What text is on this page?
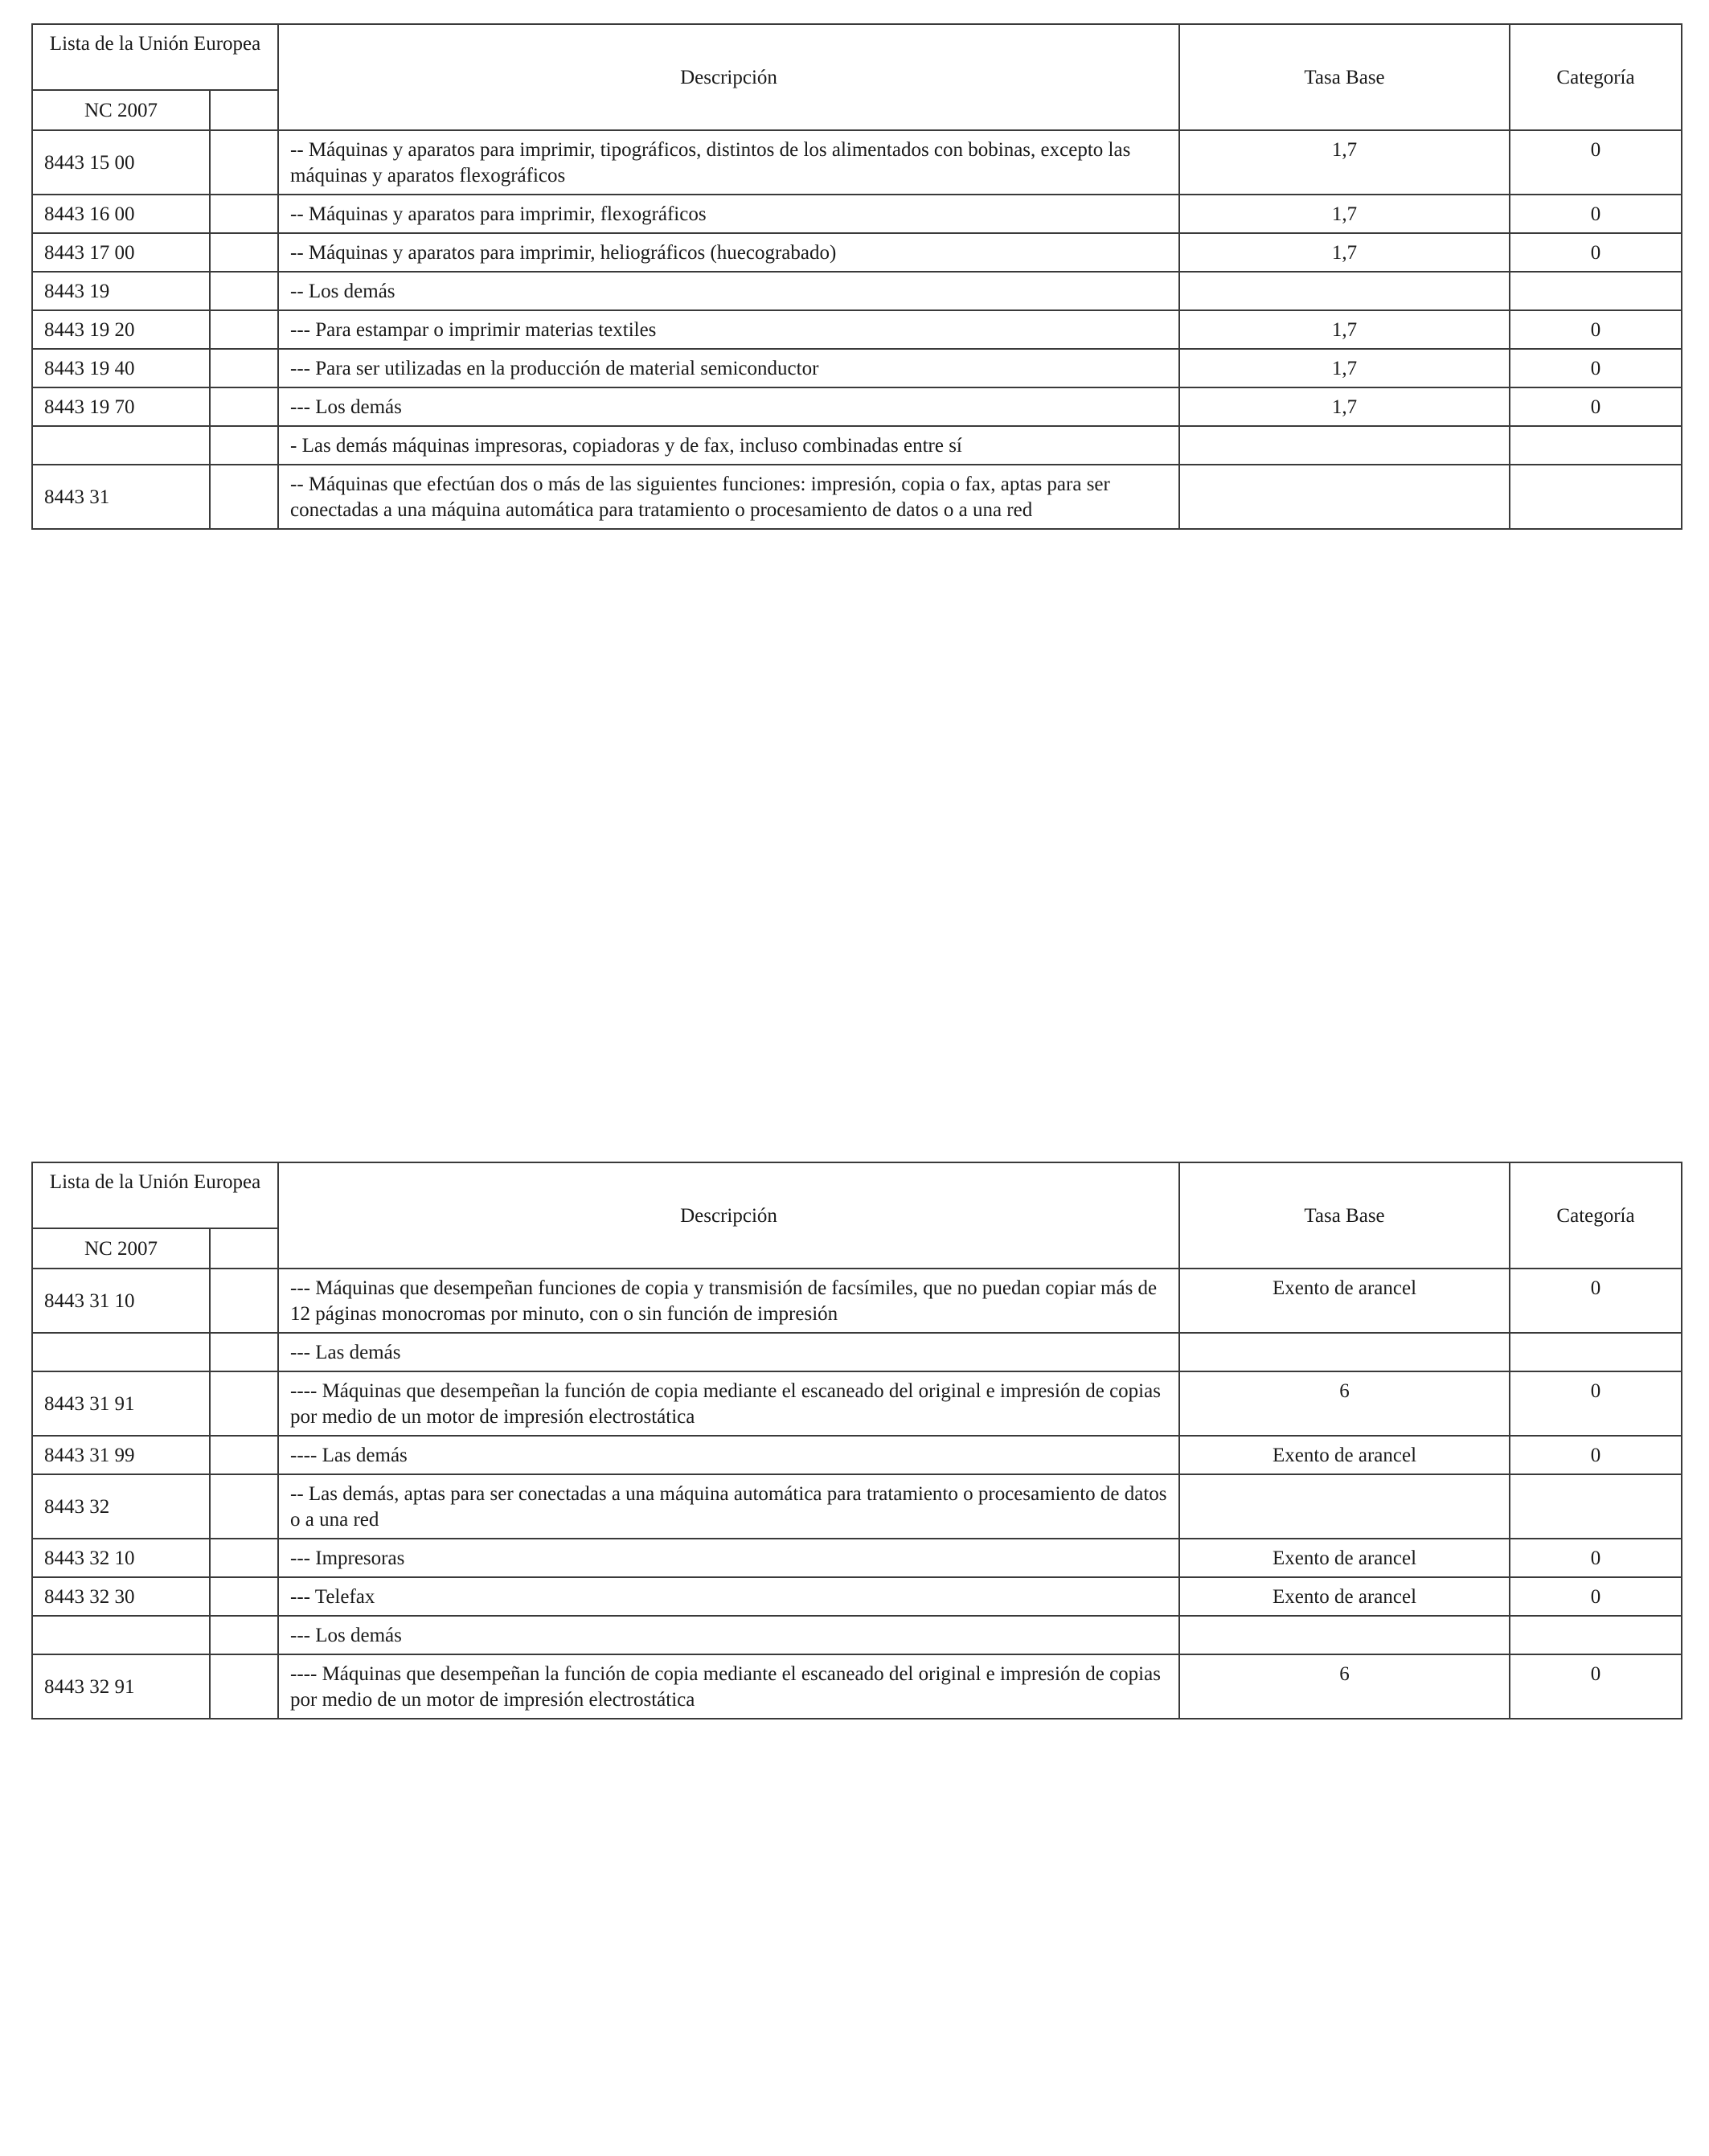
Lista de la Unión Europea		Descripción	Tasa Base	Categoría
NC 2007				
8443 15 00		-- Máquinas y aparatos para imprimir, tipográficos, distintos de los alimentados con bobinas, excepto las máquinas y aparatos flexográficos	1,7	0
8443 16 00		-- Máquinas y aparatos para imprimir, flexográficos	1,7	0
8443 17 00		-- Máquinas y aparatos para imprimir, heliográficos (huecograbado)	1,7	0
8443 19		-- Los demás		
8443 19 20		--- Para estampar o imprimir materias textiles	1,7	0
8443 19 40		--- Para ser utilizadas en la producción de material semiconductor	1,7	0
8443 19 70		--- Los demás	1,7	0
		- Las demás máquinas impresoras, copiadoras y de fax, incluso combinadas entre sí		
8443 31		-- Máquinas que efectúan dos o más de las siguientes funciones: impresión, copia o fax, aptas para ser conectadas a una máquina automática para tratamiento o procesamiento de datos o a una red		
Lista de la Unión Europea		Descripción	Tasa Base	Categoría
NC 2007				
8443 31 10		--- Máquinas que desempeñan funciones de copia y transmisión de facsímiles, que no puedan copiar más de 12 páginas monocromas por minuto, con o sin función de impresión	Exento de arancel	0
		--- Las demás		
8443 31 91		---- Máquinas que desempeñan la función de copia mediante el escaneado del original e impresión de copias por medio de un motor de impresión electrostática	6	0
8443 31 99		---- Las demás	Exento de arancel	0
8443 32		-- Las demás, aptas para ser conectadas a una máquina automática para tratamiento o procesamiento de datos o a una red		
8443 32 10		--- Impresoras	Exento de arancel	0
8443 32 30		--- Telefax	Exento de arancel	0
		--- Los demás		
8443 32 91		---- Máquinas que desempeñan la función de copia mediante el escaneado del original e impresión de copias por medio de un motor de impresión electrostática	6	0
